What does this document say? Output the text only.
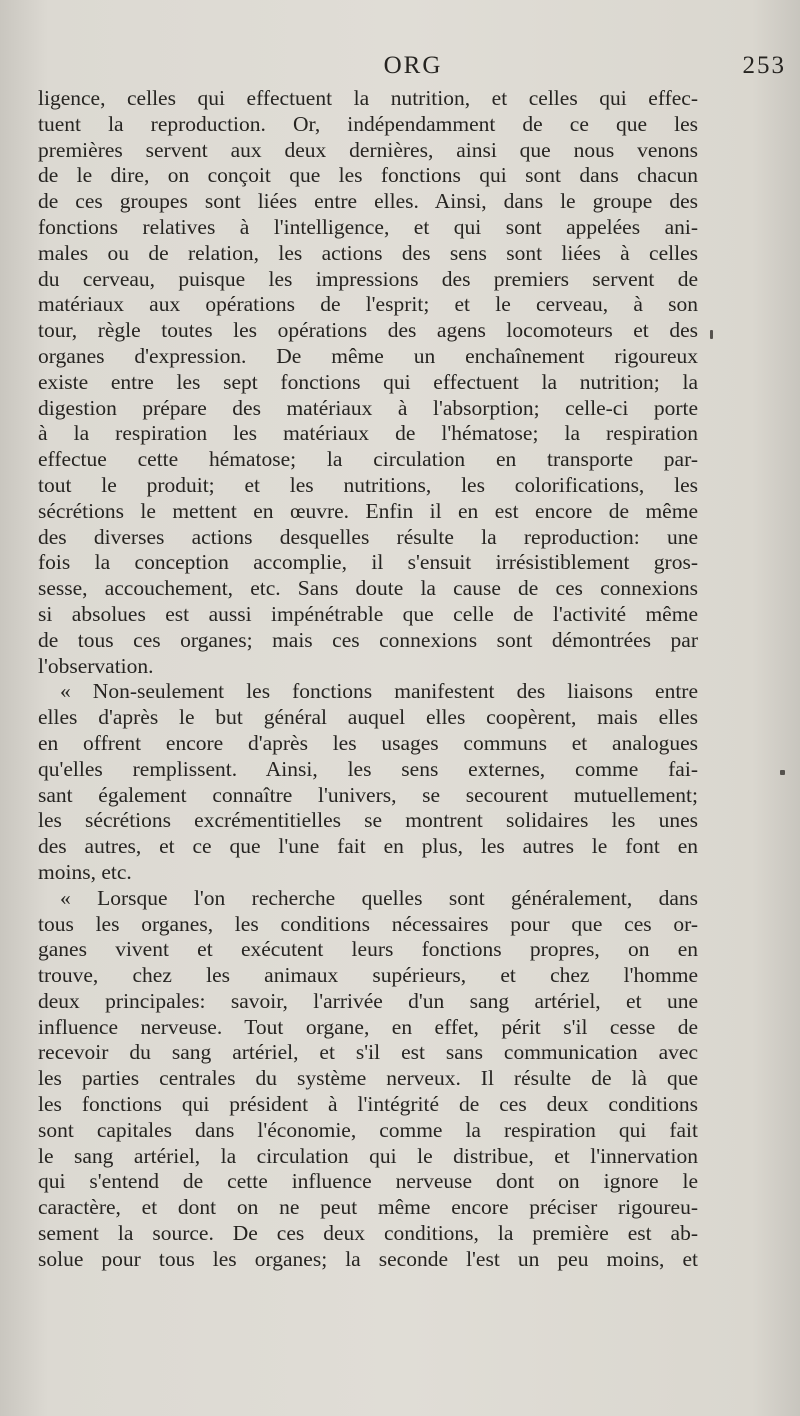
ORG	253
ligence, celles qui effectuent la nutrition, et celles qui effec-
tuent la reproduction. Or, indépendamment de ce que les
premières servent aux deux dernières, ainsi que nous venons
de le dire, on conçoit que les fonctions qui sont dans chacun
de ces groupes sont liées entre elles. Ainsi, dans le groupe des
fonctions relatives à l'intelligence, et qui sont appelées ani-
males ou de relation, les actions des sens sont liées à celles
du cerveau, puisque les impressions des premiers servent de
matériaux aux opérations de l'esprit; et le cerveau, à son
tour, règle toutes les opérations des agens locomoteurs et des
organes d'expression. De même un enchaînement rigoureux
existe entre les sept fonctions qui effectuent la nutrition; la
digestion prépare des matériaux à l'absorption; celle-ci porte
à la respiration les matériaux de l'hématose; la respiration
effectue cette hématose; la circulation en transporte par-
tout le produit; et les nutritions, les colorifications, les
sécrétions le mettent en œuvre. Enfin il en est encore de même
des diverses actions desquelles résulte la reproduction: une
fois la conception accomplie, il s'ensuit irrésistiblement gros-
sesse, accouchement, etc. Sans doute la cause de ces connexions
si absolues est aussi impénétrable que celle de l'activité même
de tous ces organes; mais ces connexions sont démontrées par
l'observation.
« Non-seulement les fonctions manifestent des liaisons entre
elles d'après le but général auquel elles coopèrent, mais elles
en offrent encore d'après les usages communs et analogues
qu'elles remplissent. Ainsi, les sens externes, comme fai-
sant également connaître l'univers, se secourent mutuellement;
les sécrétions excrémentitielles se montrent solidaires les unes
des autres, et ce que l'une fait en plus, les autres le font en
moins, etc.
« Lorsque l'on recherche quelles sont généralement, dans
tous les organes, les conditions nécessaires pour que ces or-
ganes vivent et exécutent leurs fonctions propres, on en
trouve, chez les animaux supérieurs, et chez l'homme
deux principales: savoir, l'arrivée d'un sang artériel, et une
influence nerveuse. Tout organe, en effet, périt s'il cesse de
recevoir du sang artériel, et s'il est sans communication avec
les parties centrales du système nerveux. Il résulte de là que
les fonctions qui président à l'intégrité de ces deux conditions
sont capitales dans l'économie, comme la respiration qui fait
le sang artériel, la circulation qui le distribue, et l'innervation
qui s'entend de cette influence nerveuse dont on ignore le
caractère, et dont on ne peut même encore préciser rigoureu-
sement la source. De ces deux conditions, la première est ab-
solue pour tous les organes; la seconde l'est un peu moins, et
